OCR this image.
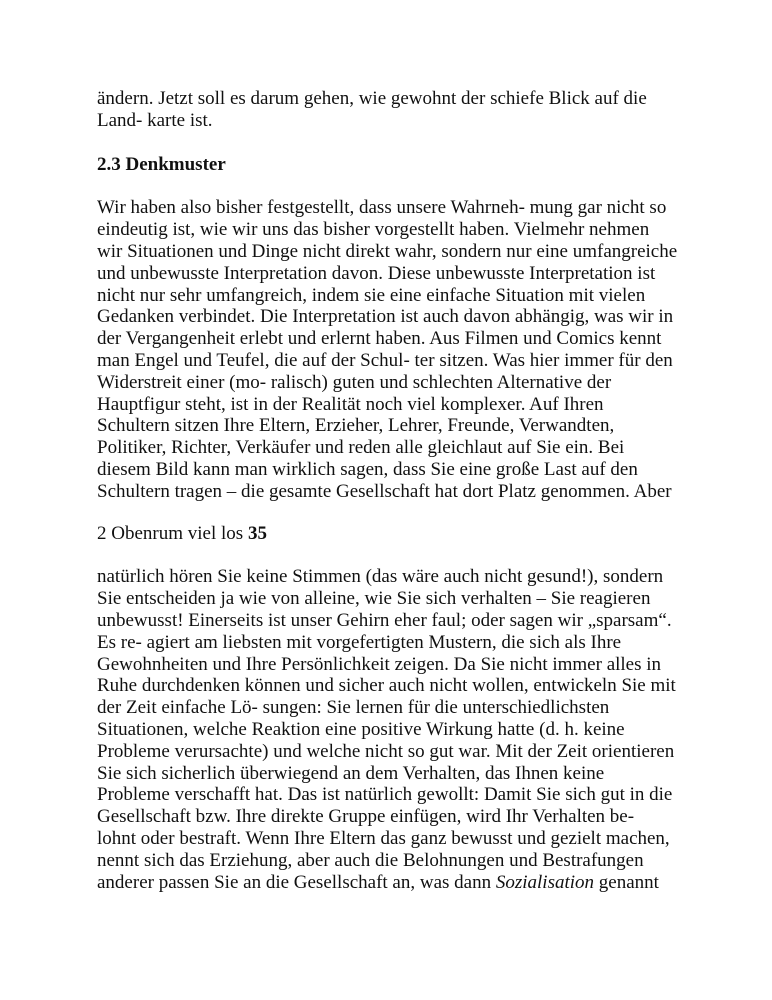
ändern. Jetzt soll es darum gehen, wie gewohnt der schiefe Blick auf die

Land- karte ist.

2.3 Denkmuster

Wir haben also bisher festgestellt, dass unsere Wahrneh- mung gar nicht so

eindeutig ist, wie wir uns das bisher vorgestellt haben. Vielmehr nehmen

wir Situationen und Dinge nicht direkt wahr, sondern nur eine umfangreiche

und unbewusste Interpretation davon. Diese unbewusste Interpretation ist

nicht nur sehr umfangreich, indem sie eine einfache Situation mit vielen

Gedanken verbindet. Die Interpretation ist auch davon abhängig, was wir in

der Vergangenheit erlebt und erlernt haben. Aus Filmen und Comics kennt

man Engel und Teufel, die auf der Schul- ter sitzen. Was hier immer für den

Widerstreit einer (mo- ralisch) guten und schlechten Alternative der

Hauptfigur steht, ist in der Realität noch viel komplexer. Auf Ihren

Schultern sitzen Ihre Eltern, Erzieher, Lehrer, Freunde, Verwandten,

Politiker, Richter, Verkäufer und reden alle gleichlaut auf Sie ein. Bei

diesem Bild kann man wirklich sagen, dass Sie eine große Last auf den

Schultern tragen – die gesamte Gesellschaft hat dort Platz genommen. Aber

2 Obenrum viel los 35

natürlich hören Sie keine Stimmen (das wäre auch nicht gesund!), sondern

Sie entscheiden ja wie von alleine, wie Sie sich verhalten – Sie reagieren

unbewusst! Einerseits ist unser Gehirn eher faul; oder sagen wir „sparsam“.

Es re- agiert am liebsten mit vorgefertigten Mustern, die sich als Ihre

Gewohnheiten und Ihre Persönlichkeit zeigen. Da Sie nicht immer alles in

Ruhe durchdenken können und sicher auch nicht wollen, entwickeln Sie mit

der Zeit einfache Lö- sungen: Sie lernen für die unterschiedlichsten

Situationen, welche Reaktion eine positive Wirkung hatte (d. h. keine

Probleme verursachte) und welche nicht so gut war. Mit der Zeit orientieren

Sie sich sicherlich überwiegend an dem Verhalten, das Ihnen keine

Probleme verschafft hat. Das ist natürlich gewollt: Damit Sie sich gut in die

Gesellschaft bzw. Ihre direkte Gruppe einfügen, wird Ihr Verhalten be-

lohnt oder bestraft. Wenn Ihre Eltern das ganz bewusst und gezielt machen,

nennt sich das Erziehung, aber auch die Belohnungen und Bestrafungen

anderer passen Sie an die Gesellschaft an, was dann Sozialisation genannt
